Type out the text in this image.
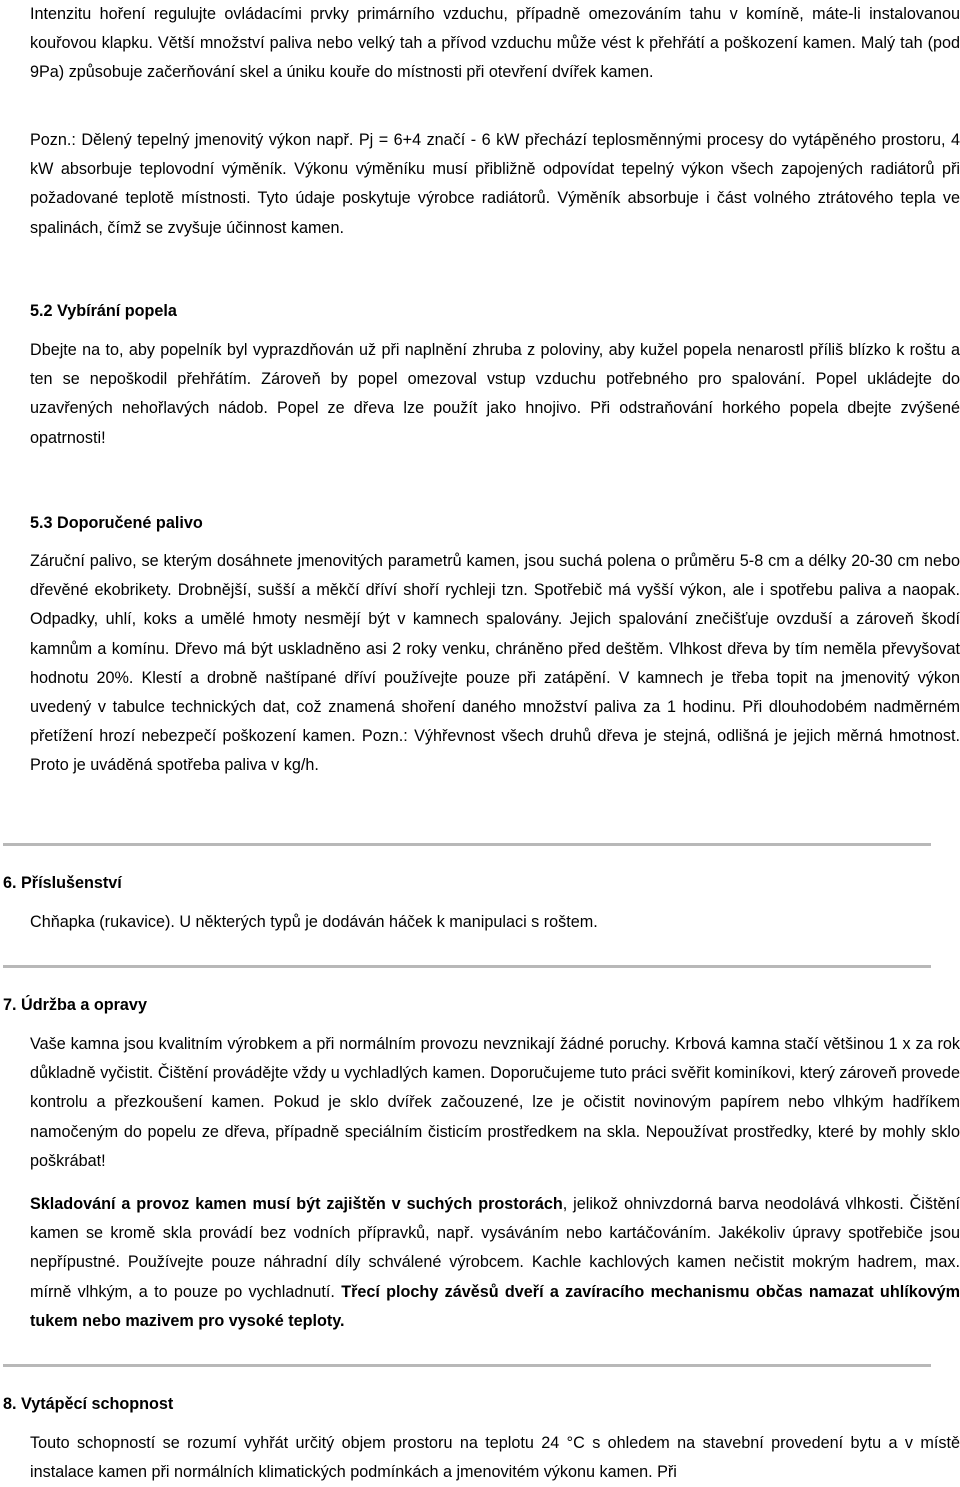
Intenzitu hoření regulujte ovládacími prvky primárního vzduchu, případně omezováním tahu v komíně, máte-li instalovanou kouřovou klapku. Větší množství paliva nebo velký tah a přívod vzduchu může vést k přehřátí a poškození kamen. Malý tah (pod 9Pa) způsobuje začerňování skel a úniku kouře do místnosti při otevření dvířek kamen.

Pozn.: Dělený tepelný jmenovitý výkon např. Pj = 6+4 značí - 6 kW přechází teplosměnnými procesy do vytápěného prostoru, 4 kW absorbuje teplovodní výměník. Výkonu výměníku musí přibližně odpovídat tepelný výkon všech zapojených radiátorů při požadované teplotě místnosti. Tyto údaje poskytuje výrobce radiátorů. Výměník absorbuje i část volného ztrátového tepla ve spalinách, čímž se zvyšuje účinnost kamen.

5.2 Vybírání popela

Dbejte na to, aby popelník byl vyprazdňován už při naplnění zhruba z poloviny, aby kužel popela nenarostl příliš blízko k roštu a ten se nepoškodil přehřátím. Zároveň by popel omezoval vstup vzduchu potřebného pro spalování. Popel ukládejte do uzavřených nehořlavých nádob. Popel ze dřeva lze použít jako hnojivo. Při odstraňování horkého popela dbejte zvýšené opatrnosti!

5.3 Doporučené palivo

Záruční palivo, se kterým dosáhnete jmenovitých parametrů kamen, jsou suchá polena o průměru 5-8 cm a délky 20-30 cm nebo dřevěné ekobrikety. Drobnější, sušší a měkčí dříví shoří rychleji tzn. Spotřebič má vyšší výkon, ale i spotřebu paliva a naopak. Odpadky, uhlí, koks a umělé hmoty nesmějí být v kamnech spalovány. Jejich spalování znečišťuje ovzduší a zároveň škodí kamnům a komínu. Dřevo má být uskladněno asi 2 roky venku, chráněno před deštěm. Vlhkost dřeva by tím neměla převyšovat hodnotu 20%. Klestí a drobně naštípané dříví používejte pouze při zatápění. V kamnech je třeba topit na jmenovitý výkon uvedený v tabulce technických dat, což znamená shoření daného množství paliva za 1 hodinu. Při dlouhodobém nadměrném přetížení hrozí nebezpečí poškození kamen. Pozn.: Výhřevnost všech druhů dřeva je stejná, odlišná je jejich měrná hmotnost. Proto je uváděná spotřeba paliva v kg/h.

6. Příslušenství

Chňapka (rukavice). U některých typů je dodáván háček k manipulaci s roštem.

7. Údržba a opravy

Vaše kamna jsou kvalitním výrobkem a při normálním provozu nevznikají žádné poruchy. Krbová kamna stačí většinou 1 x za rok důkladně vyčistit. Čištění provádějte vždy u vychladlých kamen. Doporučujeme tuto práci svěřit kominíkovi, který zároveň provede kontrolu a přezkoušení kamen. Pokud je sklo dvířek začouzené, lze je očistit novinovým papírem nebo vlhkým hadříkem namočeným do popelu ze dřeva, případně speciálním čisticím prostředkem na skla. Nepoužívat prostředky, které by mohly sklo poškrábat!

Skladování a provoz kamen musí být zajištěn v suchých prostorách, jelikož ohnivzdorná barva neodolává vlhkosti. Čištění kamen se kromě skla provádí bez vodních přípravků, např. vysáváním nebo kartáčováním. Jakékoliv úpravy spotřebiče jsou nepřípustné. Používejte pouze náhradní díly schválené výrobcem. Kachle kachlových kamen nečistit mokrým hadrem, max. mírně vlhkým, a to pouze po vychladnutí. Třecí plochy závěsů dveří a zavíracího mechanismu občas namazat uhlíkovým tukem nebo mazivem pro vysoké teploty.

8. Vytápěcí schopnost

Touto schopností se rozumí vyhřát určitý objem prostoru na teplotu 24 °C s ohledem na stavební provedení bytu a v místě instalace kamen při normálních klimatických podmínkách a jmenovitém výkonu kamen. Při
